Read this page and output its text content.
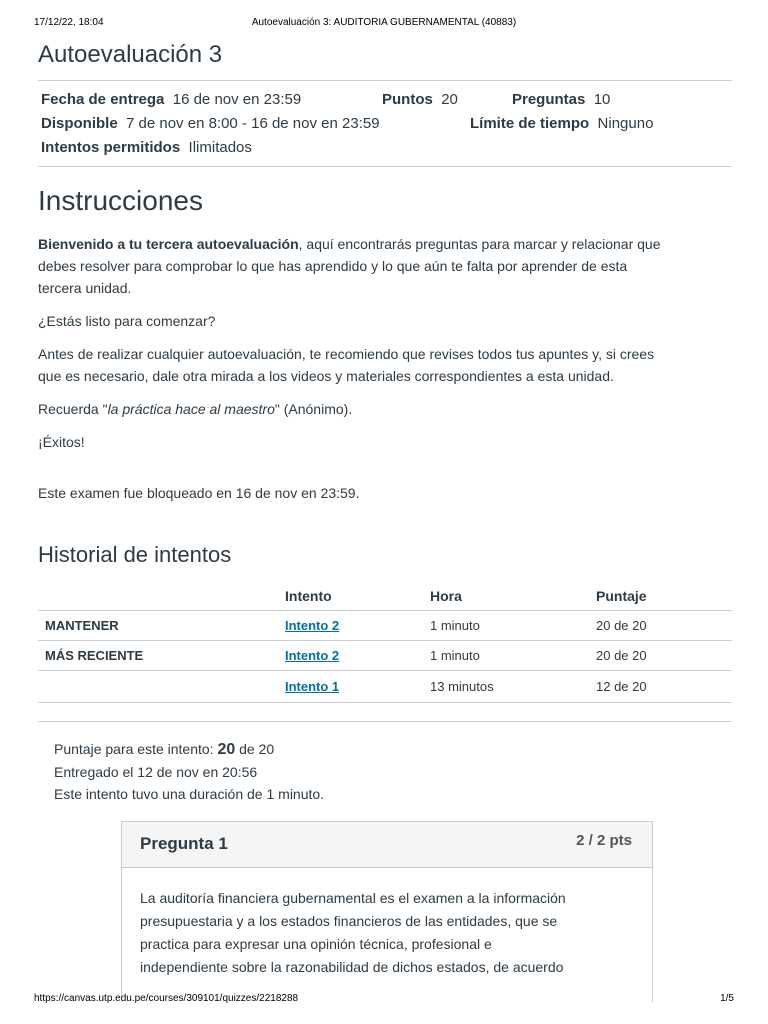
17/12/22, 18:04	Autoevaluación 3: AUDITORIA GUBERNAMENTAL (40883)
Autoevaluación 3
Fecha de entrega 16 de nov en 23:59	Puntos 20	Preguntas 10
Disponible 7 de nov en 8:00 - 16 de nov en 23:59	Límite de tiempo Ninguno
Intentos permitidos Ilimitados
Instrucciones

Bienvenido a tu tercera autoevaluación, aquí encontrarás preguntas para marcar y relacionar que
debes resolver para comprobar lo que has aprendido y lo que aún te falta por aprender de esta
tercera unidad.

¿Estás listo para comenzar?

Antes de realizar cualquier autoevaluación, te recomiendo que revises todos tus apuntes y, si crees
que es necesario, dale otra mirada a los videos y materiales correspondientes a esta unidad.

Recuerda "la práctica hace al maestro" (Anónimo).

¡Éxitos!

Este examen fue bloqueado en 16 de nov en 23:59.

Historial de intentos
	Intento	Hora	Puntaje
MANTENER	Intento 2	1 minuto	20 de 20
MÁS RECIENTE	Intento 2	1 minuto	20 de 20
	Intento 1	13 minutos	12 de 20
Puntaje para este intento: 20 de 20
Entregado el 12 de nov en 20:56
Este intento tuvo una duración de 1 minuto.
Pregunta 1	2 / 2 pts
La auditoría financiera gubernamental es el examen a la información
presupuestaria y a los estados financieros de las entidades, que se
practica para expresar una opinión técnica, profesional e
independiente sobre la razonabilidad de dichos estados, de acuerdo
https://canvas.utp.edu.pe/courses/309101/quizzes/2218288	1/5
